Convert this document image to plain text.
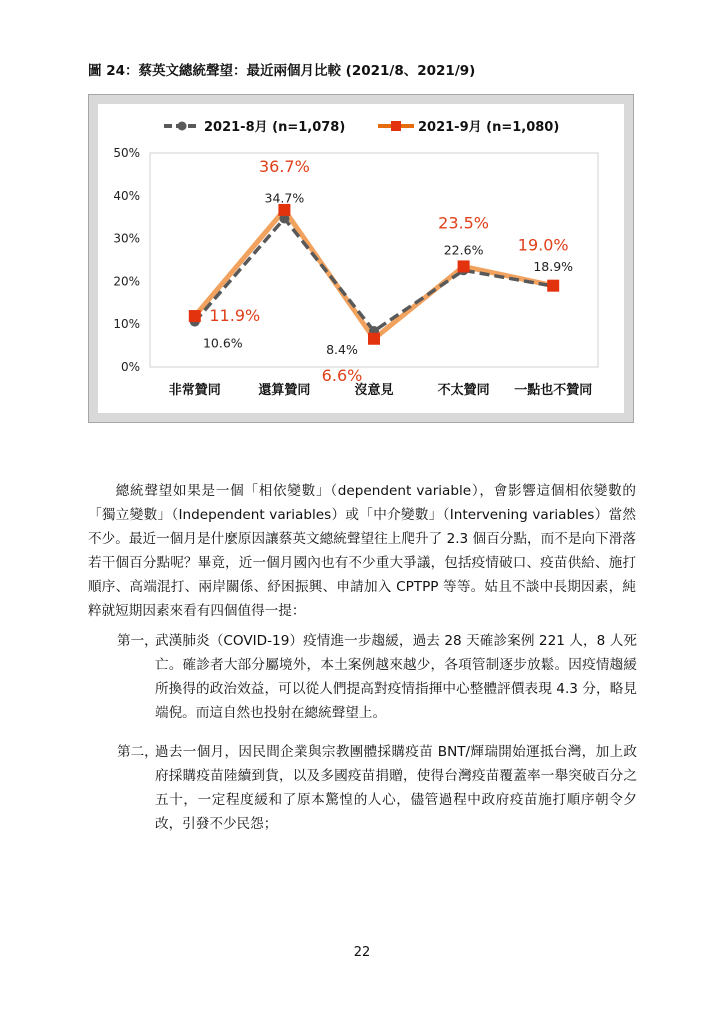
圖 24：蔡英文總統聲望：最近兩個月比較 (2021/8、2021/9)
0%
10%
20%
30%
40%
50%
非常贊同	還算贊同	沒意見	不太贊同 一點也不贊同
2021-8月 (n=1,078)	2021-9月 (n=1,080)
10.6%
34.7%
8.4%
22.6%
18.9%
11.9%
36.7%
6.6%
23.5%
19.0%
總統聲望如果是一個「相依變數」（dependent variable），會影響這個相依變數的「獨立變數」（Independent variables）或「中介變數」（Intervening variables）當然不少。最近一個月是什麼原因讓蔡英文總統聲望往上爬升了 2.3 個百分點，而不是向下滑落若干個百分點呢？畢竟，近一個月國內也有不少重大爭議，包括疫情破口、疫苗供給、施打順序、高端混打、兩岸關係、紓困振興、申請加入 CPTPP 等等。姑且不談中長期因素，純粹就短期因素來看有四個值得一提：
第一，
武漢肺炎（COVID-19）疫情進一步趨緩，過去 28 天確診案例 221 人，8 人死亡。確診者大部分屬境外，本土案例越來越少，各項管制逐步放鬆。因疫情趨緩所換得的政治效益，可以從人們提高對疫情指揮中心整體評價表現 4.3 分，略見端倪。而這自然也投射在總統聲望上。
第二，
過去一個月，因民間企業與宗教團體採購疫苗 BNT/輝瑞開始運抵台灣，加上政府採購疫苗陸續到貨，以及多國疫苗捐贈，使得台灣疫苗覆蓋率一舉突破百分之五十，一定程度緩和了原本驚惶的人心，儘管過程中政府疫苗施打順序朝令夕改，引發不少民怨；
22
